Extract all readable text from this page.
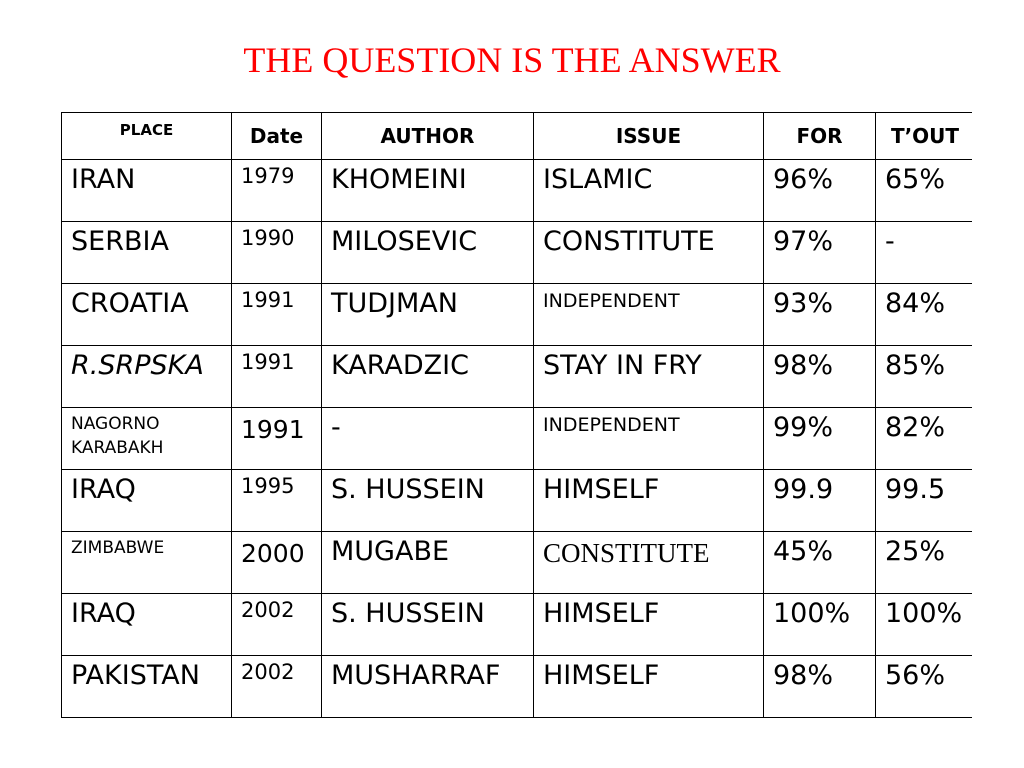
THE QUESTION IS THE ANSWER
PLACE	Date	AUTHOR	ISSUE	FOR	T’OUT
IRAN	1979	KHOMEINI	ISLAMIC	96%	65%
SERBIA	1990	MILOSEVIC	CONSTITUTE	97%	-
CROATIA	1991	TUDJMAN	INDEPENDENT	93%	84%
R.SRPSKA	1991	KARADZIC	STAY IN FRY	98%	85%
NAGORNO KARABAKH	1991	-	INDEPENDENT	99%	82%
IRAQ	1995	S. HUSSEIN	HIMSELF	99.9	99.5
ZIMBABWE	2000	MUGABE	CONSTITUTE	45%	25%
IRAQ	2002	S. HUSSEIN	HIMSELF	100%	100%
PAKISTAN	2002	MUSHARRAF	HIMSELF	98%	56%
